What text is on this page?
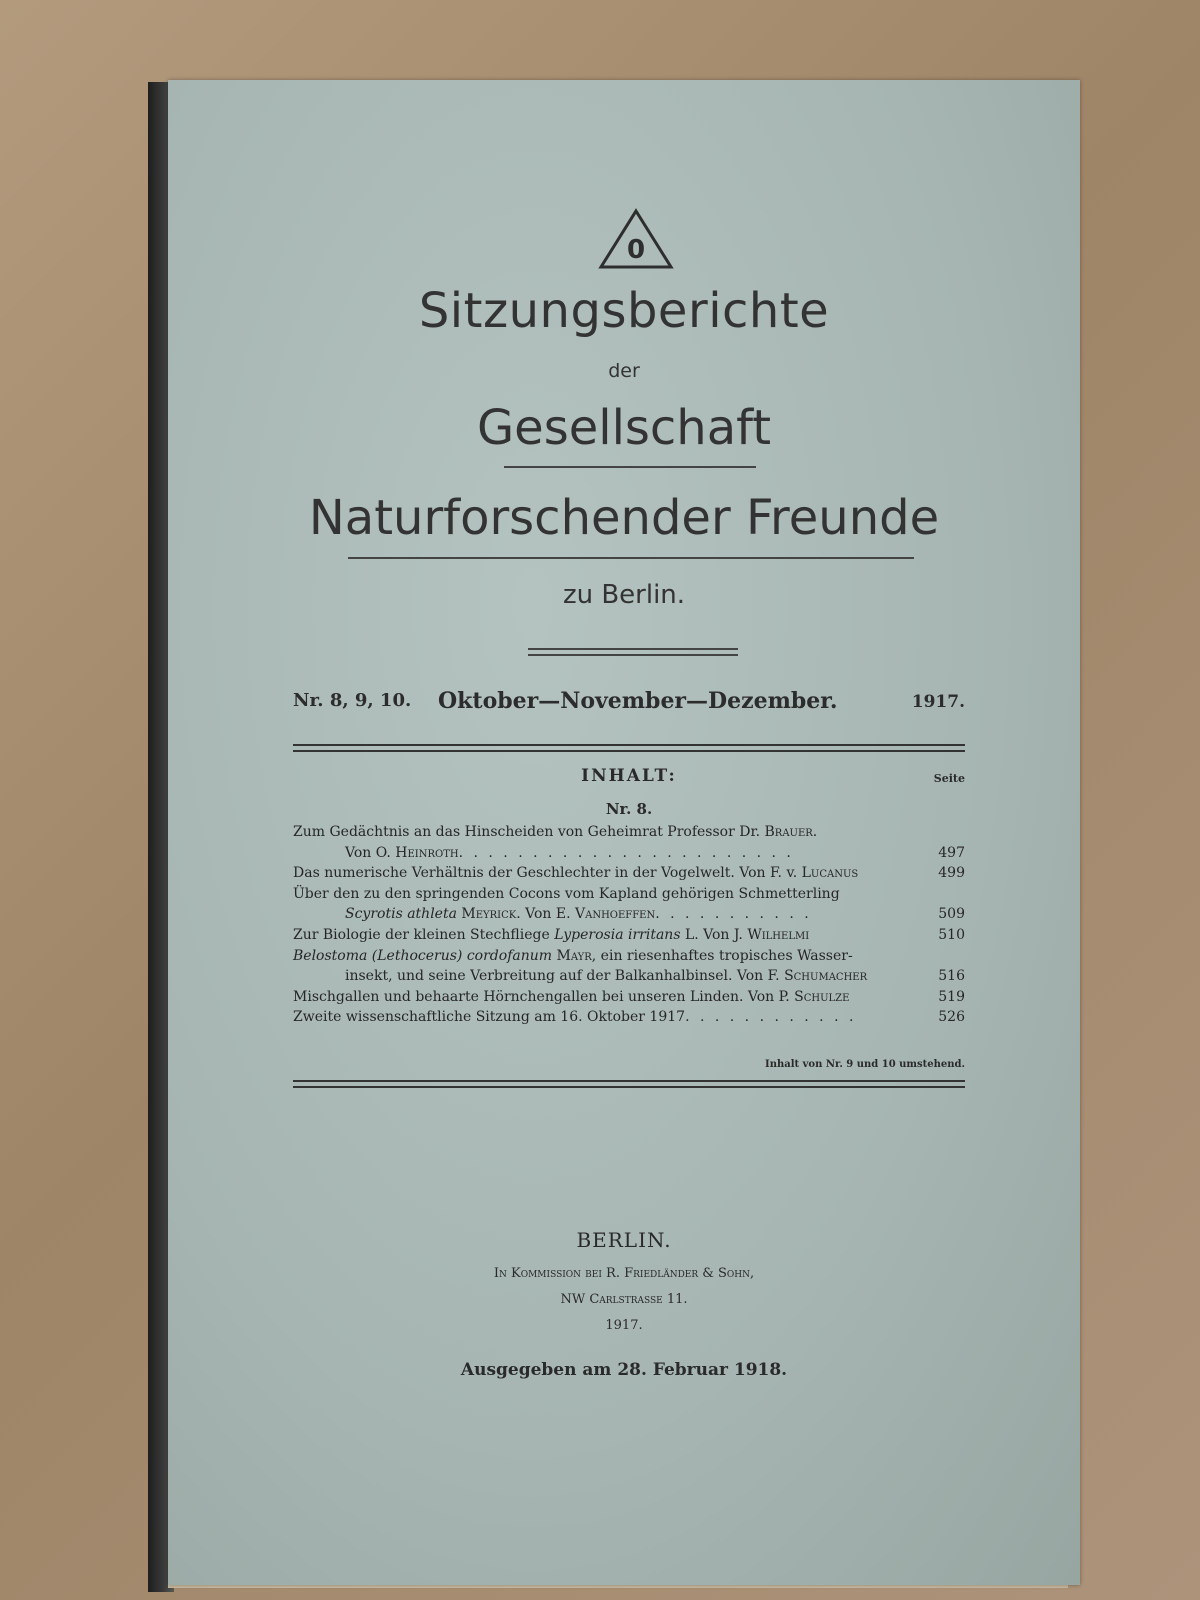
0
Sitzungsberichte
der
Gesellschaft
Naturforschender Freunde
zu Berlin.
Nr. 8, 9, 10. Oktober—November—Dezember.	1917.
INHALT:	Seite
Nr. 8.
Zum Gedächtnis an das Hinscheiden von Geheimrat Professor Dr. Brauer.
Von O. Heinroth. . . . . . . . . . . . . . . . . . . . . . .	497
Das numerische Verhältnis der Geschlechter in der Vogelwelt. Von F. v. Lucanus	499
Über den zu den springenden Cocons vom Kapland gehörigen Schmetterling
Scyrotis athleta Meyrick. Von E. Vanhoeffen. . . . . . . . . . .	509
Zur Biologie der kleinen Stechfliege Lyperosia irritans L. Von J. Wilhelmi	510
Belostoma (Lethocerus) cordofanum Mayr, ein riesenhaftes tropisches Wasser-
insekt, und seine Verbreitung auf der Balkanhalbinsel. Von F. Schumacher	516
Mischgallen und behaarte Hörnchengallen bei unseren Linden. Von P. Schulze	519
Zweite wissenschaftliche Sitzung am 16. Oktober 1917. . . . . . . . . . . .	526
Inhalt von Nr. 9 und 10 umstehend.
BERLIN.
In Kommission bei R. Friedländer & Sohn,
NW Carlstrasse 11.
1917.
Ausgegeben am 28. Februar 1918.
